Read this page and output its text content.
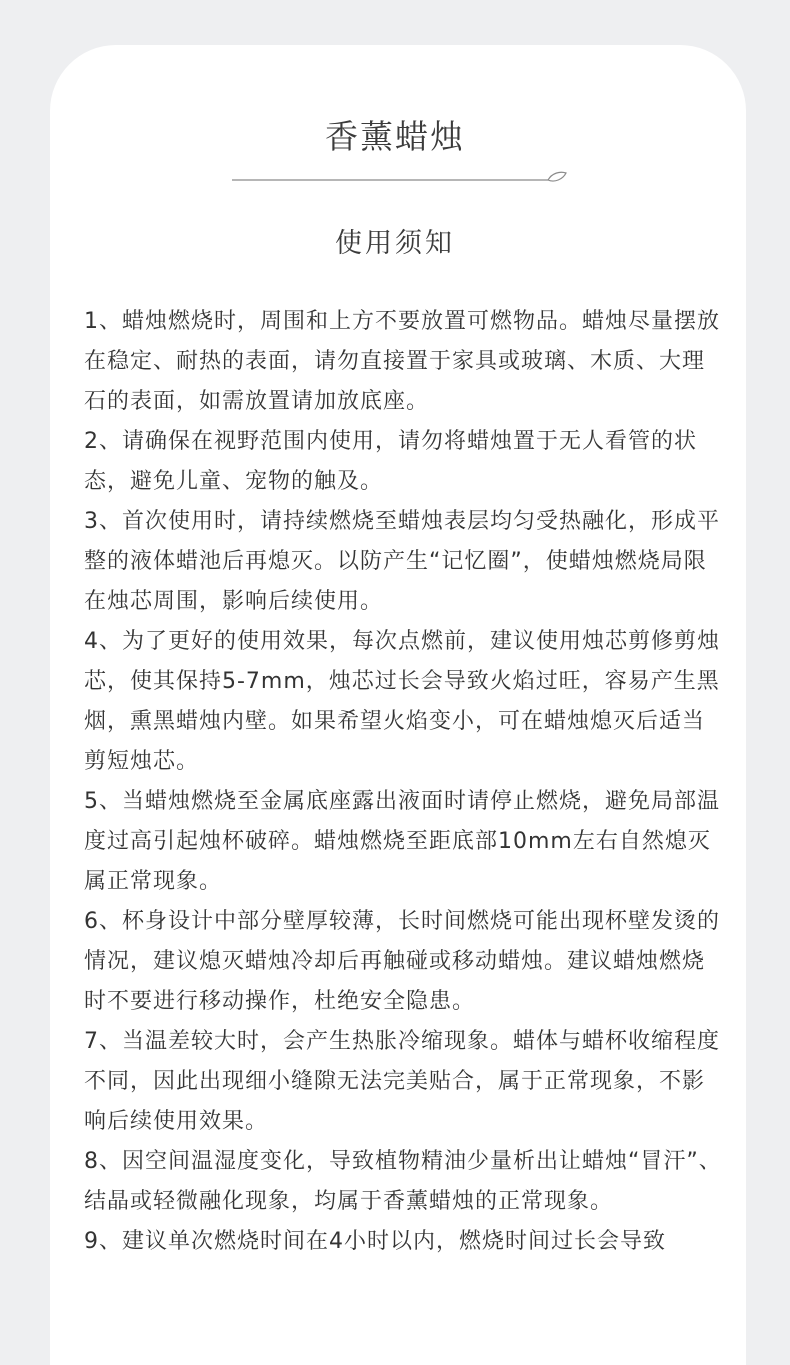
香薰蜡烛
使用须知
1、蜡烛燃烧时，周围和上方不要放置可燃物品。蜡烛尽量摆放在稳定、耐热的表面，请勿直接置于家具或玻璃、木质、大理石的表面，如需放置请加放底座。
2、请确保在视野范围内使用，请勿将蜡烛置于无人看管的状态，避免儿童、宠物的触及。
3、首次使用时，请持续燃烧至蜡烛表层均匀受热融化，形成平整的液体蜡池后再熄灭。以防产生“记忆圈”，使蜡烛燃烧局限在烛芯周围，影响后续使用。
4、为了更好的使用效果，每次点燃前，建议使用烛芯剪修剪烛芯，使其保持5-7mm，烛芯过长会导致火焰过旺，容易产生黑烟，熏黑蜡烛内壁。如果希望火焰变小，可在蜡烛熄灭后适当剪短烛芯。
5、当蜡烛燃烧至金属底座露出液面时请停止燃烧，避免局部温度过高引起烛杯破碎。蜡烛燃烧至距底部10mm左右自然熄灭属正常现象。
6、杯身设计中部分壁厚较薄，长时间燃烧可能出现杯壁发烫的情况，建议熄灭蜡烛冷却后再触碰或移动蜡烛。建议蜡烛燃烧时不要进行移动操作，杜绝安全隐患。
7、当温差较大时，会产生热胀冷缩现象。蜡体与蜡杯收缩程度不同，因此出现细小缝隙无法完美贴合，属于正常现象，不影响后续使用效果。
8、因空间温湿度变化，导致植物精油少量析出让蜡烛“冒汗”、结晶或轻微融化现象，均属于香薰蜡烛的正常现象。
9、建议单次燃烧时间在4小时以内，燃烧时间过长会导致
